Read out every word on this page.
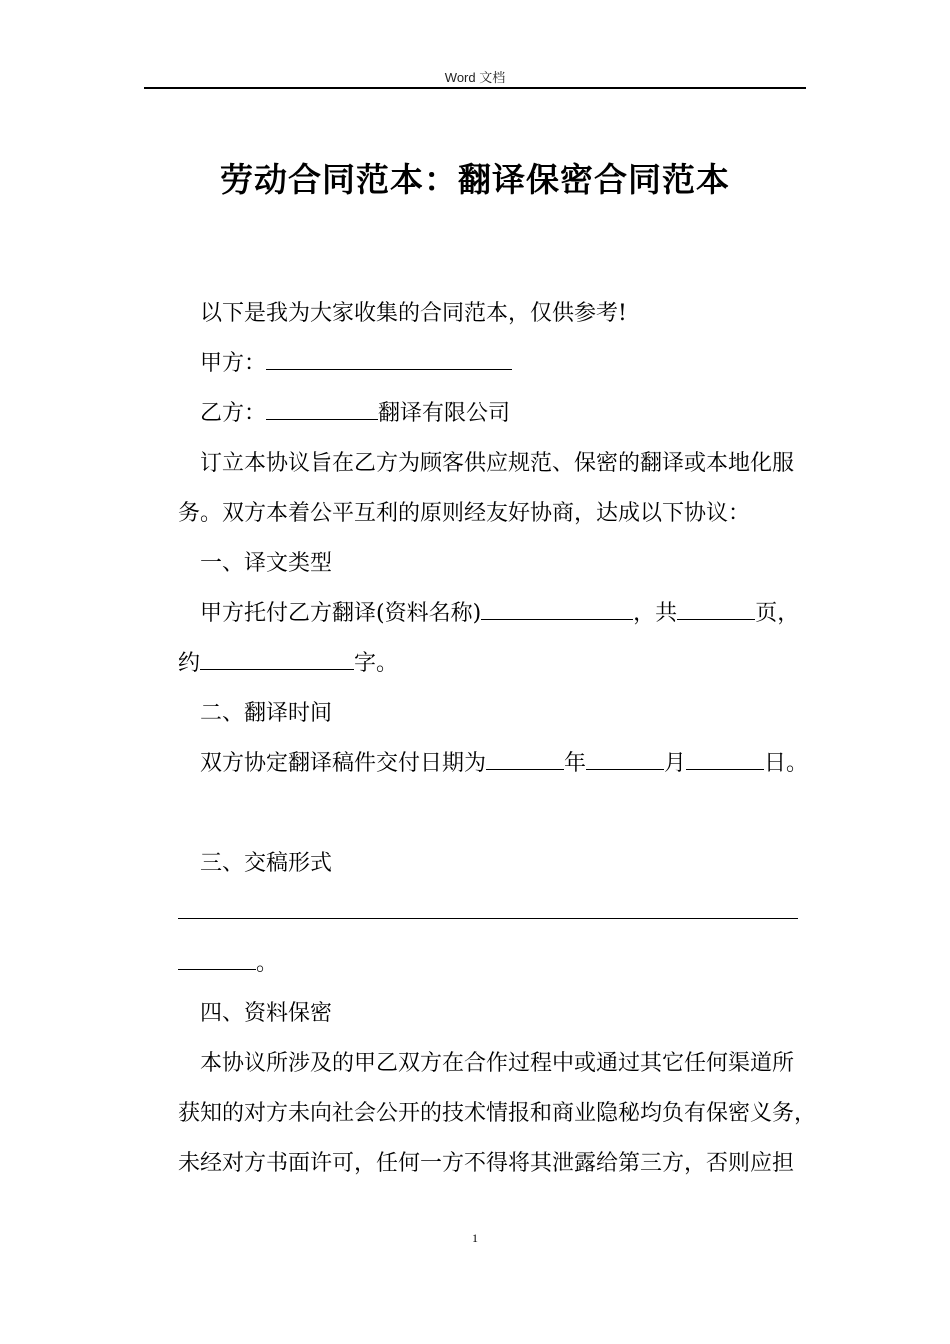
Word 文档
劳动合同范本：翻译保密合同范本
以下是我为大家收集的合同范本，仅供参考!
甲方：
乙方：	翻译有限公司
订立本协议旨在乙方为顾客供应规范、保密的翻译或本地化服
务。双方本着公平互利的原则经友好协商，达成以下协议：
一、译文类型
甲方托付乙方翻译(资料名称)	，共	页，
约	字。
二、翻译时间
双方协定翻译稿件交付日期为	年	月	日。
三、交稿形式
。
四、资料保密
本协议所涉及的甲乙双方在合作过程中或通过其它任何渠道所
获知的对方未向社会公开的技术情报和商业隐秘均负有保密义务，
未经对方书面许可，任何一方不得将其泄露给第三方，否则应担
1
